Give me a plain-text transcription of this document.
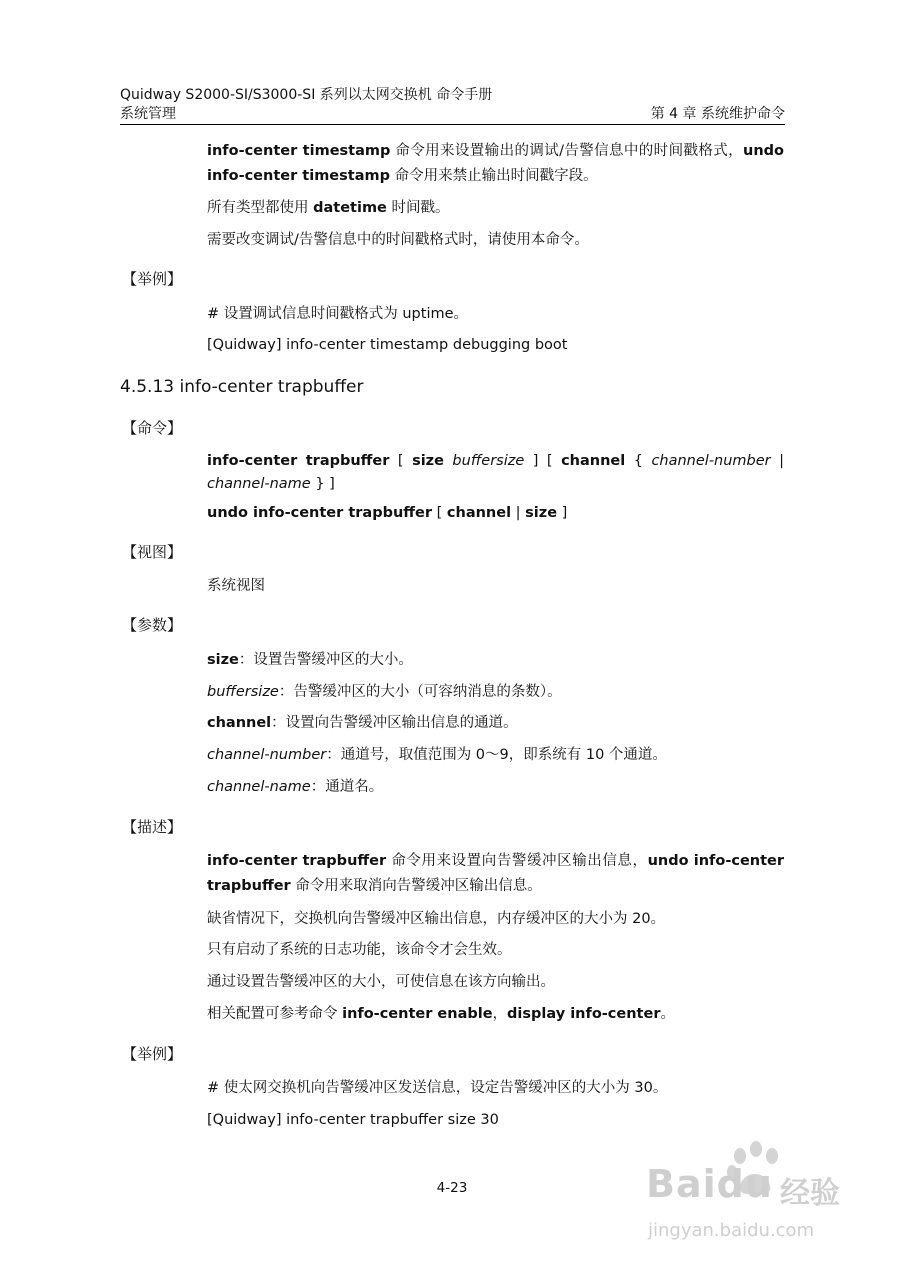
Quidway S2000-SI/S3000-SI 系列以太网交换机 命令手册
系统管理	第 4 章 系统维护命令
info-center timestamp 命令用来设置输出的调试/告警信息中的时间戳格式，undo
info-center timestamp 命令用来禁止输出时间戳字段。
所有类型都使用 datetime 时间戳。
需要改变调试/告警信息中的时间戳格式时，请使用本命令。
【举例】
# 设置调试信息时间戳格式为 uptime。
[Quidway] info-center timestamp debugging boot
4.5.13 info-center trapbuffer
【命令】
info-center trapbuffer [ size buffersize ] [ channel { channel-number |
channel-name } ]
undo info-center trapbuffer [ channel | size ]
【视图】
系统视图
【参数】
size：设置告警缓冲区的大小。
buffersize：告警缓冲区的大小（可容纳消息的条数）。
channel：设置向告警缓冲区输出信息的通道。
channel-number：通道号，取值范围为 0～9，即系统有 10 个通道。
channel-name：通道名。
【描述】
info-center trapbuffer 命令用来设置向告警缓冲区输出信息，undo info-center
trapbuffer 命令用来取消向告警缓冲区输出信息。
缺省情况下，交换机向告警缓冲区输出信息，内存缓冲区的大小为 20。
只有启动了系统的日志功能，该命令才会生效。
通过设置告警缓冲区的大小，可使信息在该方向输出。
相关配置可参考命令 info-center enable，display info-center。
【举例】
# 使太网交换机向告警缓冲区发送信息，设定告警缓冲区的大小为 30。
[Quidway] info-center trapbuffer size 30
4-23	Baidu 经验
jingyan.baidu.com
